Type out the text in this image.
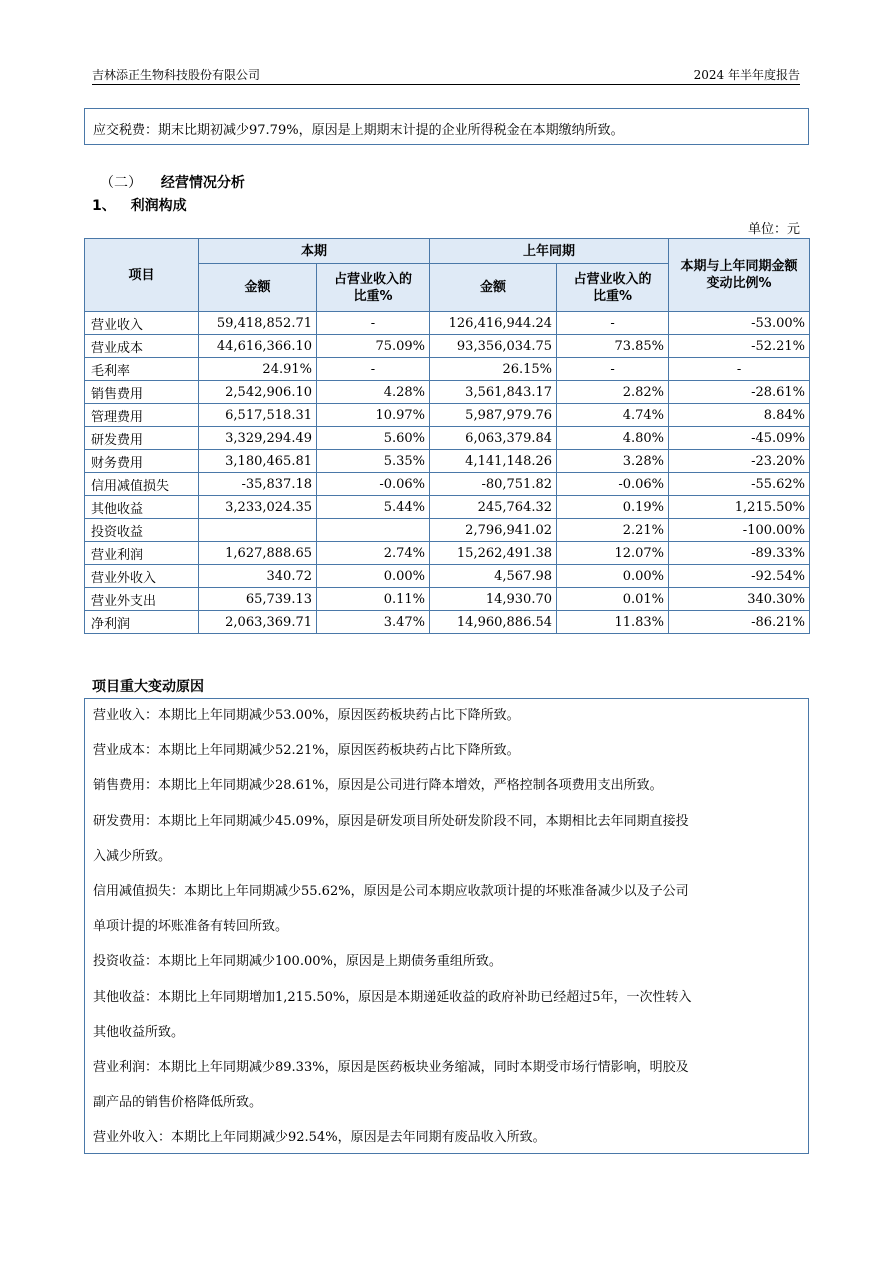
吉林添正生物科技股份有限公司	2024 年半年度报告
应交税费：期末比期初减少97.79%，原因是上期期末计提的企业所得税金在本期缴纳所致。
（二） 经营情况分析
1、 利润构成
单位：元
项目	本期		上年同期		本期与上年同期金额变动比例%
	金额	占营业收入的比重%	金额	占营业收入的比重%	
营业收入	59,418,852.71	-	126,416,944.24	-	-53.00%
营业成本	44,616,366.10	75.09%	93,356,034.75	73.85%	-52.21%
毛利率	24.91%	-	26.15%	-	-
销售费用	2,542,906.10	4.28%	3,561,843.17	2.82%	-28.61%
管理费用	6,517,518.31	10.97%	5,987,979.76	4.74%	8.84%
研发费用	3,329,294.49	5.60%	6,063,379.84	4.80%	-45.09%
财务费用	3,180,465.81	5.35%	4,141,148.26	3.28%	-23.20%
信用减值损失	-35,837.18	-0.06%	-80,751.82	-0.06%	-55.62%
其他收益	3,233,024.35	5.44%	245,764.32	0.19%	1,215.50%
投资收益			2,796,941.02	2.21%	-100.00%
营业利润	1,627,888.65	2.74%	15,262,491.38	12.07%	-89.33%
营业外收入	340.72	0.00%	4,567.98	0.00%	-92.54%
营业外支出	65,739.13	0.11%	14,930.70	0.01%	340.30%
净利润	2,063,369.71	3.47%	14,960,886.54	11.83%	-86.21%
项目重大变动原因
营业收入：本期比上年同期减少53.00%，原因医药板块药占比下降所致。
营业成本：本期比上年同期减少52.21%，原因医药板块药占比下降所致。
销售费用：本期比上年同期减少28.61%，原因是公司进行降本增效，严格控制各项费用支出所致。
研发费用：本期比上年同期减少45.09%，原因是研发项目所处研发阶段不同，本期相比去年同期直接投
入减少所致。
信用减值损失：本期比上年同期减少55.62%，原因是公司本期应收款项计提的坏账准备减少以及子公司
单项计提的坏账准备有转回所致。
投资收益：本期比上年同期减少100.00%，原因是上期债务重组所致。
其他收益：本期比上年同期增加1,215.50%，原因是本期递延收益的政府补助已经超过5年，一次性转入
其他收益所致。
营业利润：本期比上年同期减少89.33%，原因是医药板块业务缩减，同时本期受市场行情影响，明胶及
副产品的销售价格降低所致。
营业外收入：本期比上年同期减少92.54%，原因是去年同期有废品收入所致。
